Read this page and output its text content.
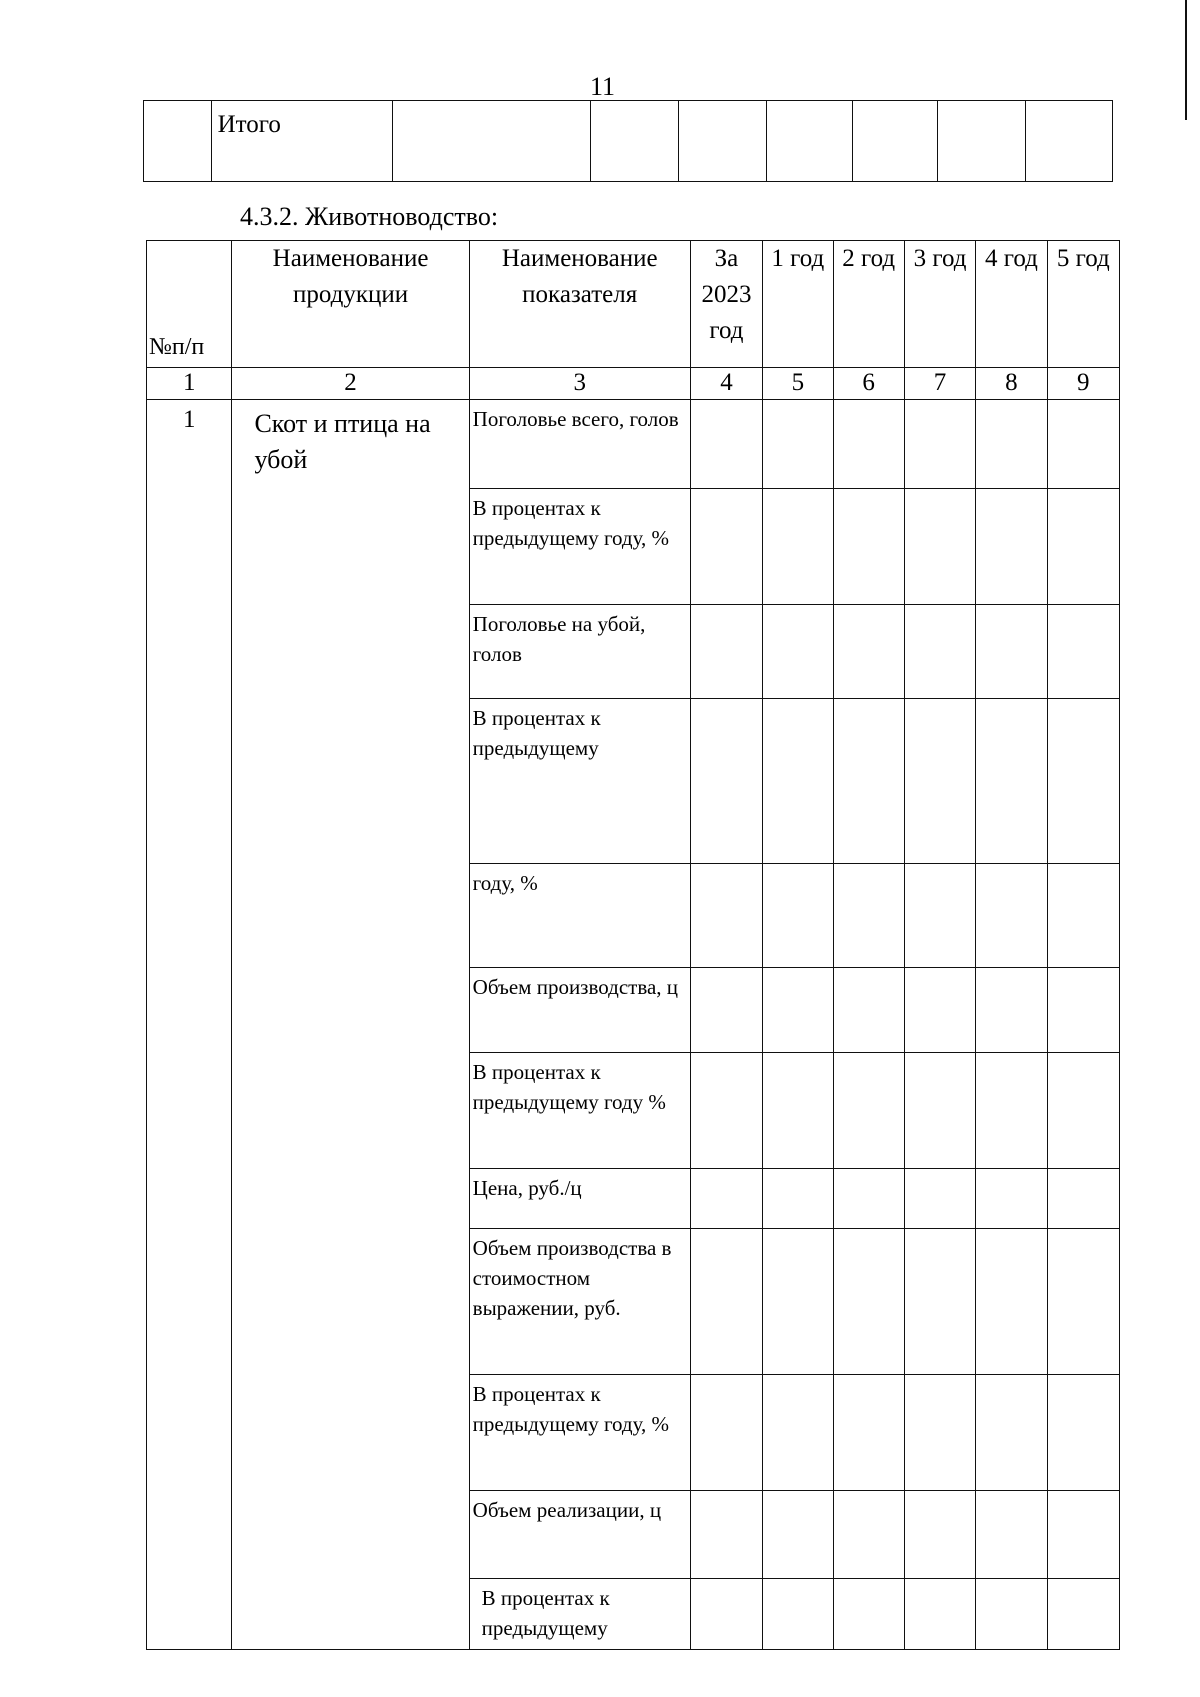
11
	Итого							
4.3.2. Животноводство:
№п/п	Наименование продукции	Наименование показателя	За 2023 год	1 год	2 год	3 год	4 год	5 год
1	2	3	4	5	6	7	8	9
1	Скот и птица на убой	Поголовье всего, голов						
		В процентах к предыдущему году, %						
		Поголовье на убой, голов						
		В процентах к предыдущему						
		году, %						
		Объем производства, ц						
		В процентах к предыдущему году %						
		Цена, руб./ц						
		Объем производства в стоимостном выражении, руб.						
		В процентах к предыдущему году, %						
		Объем реализации, ц						
		В процентах к предыдущему						
